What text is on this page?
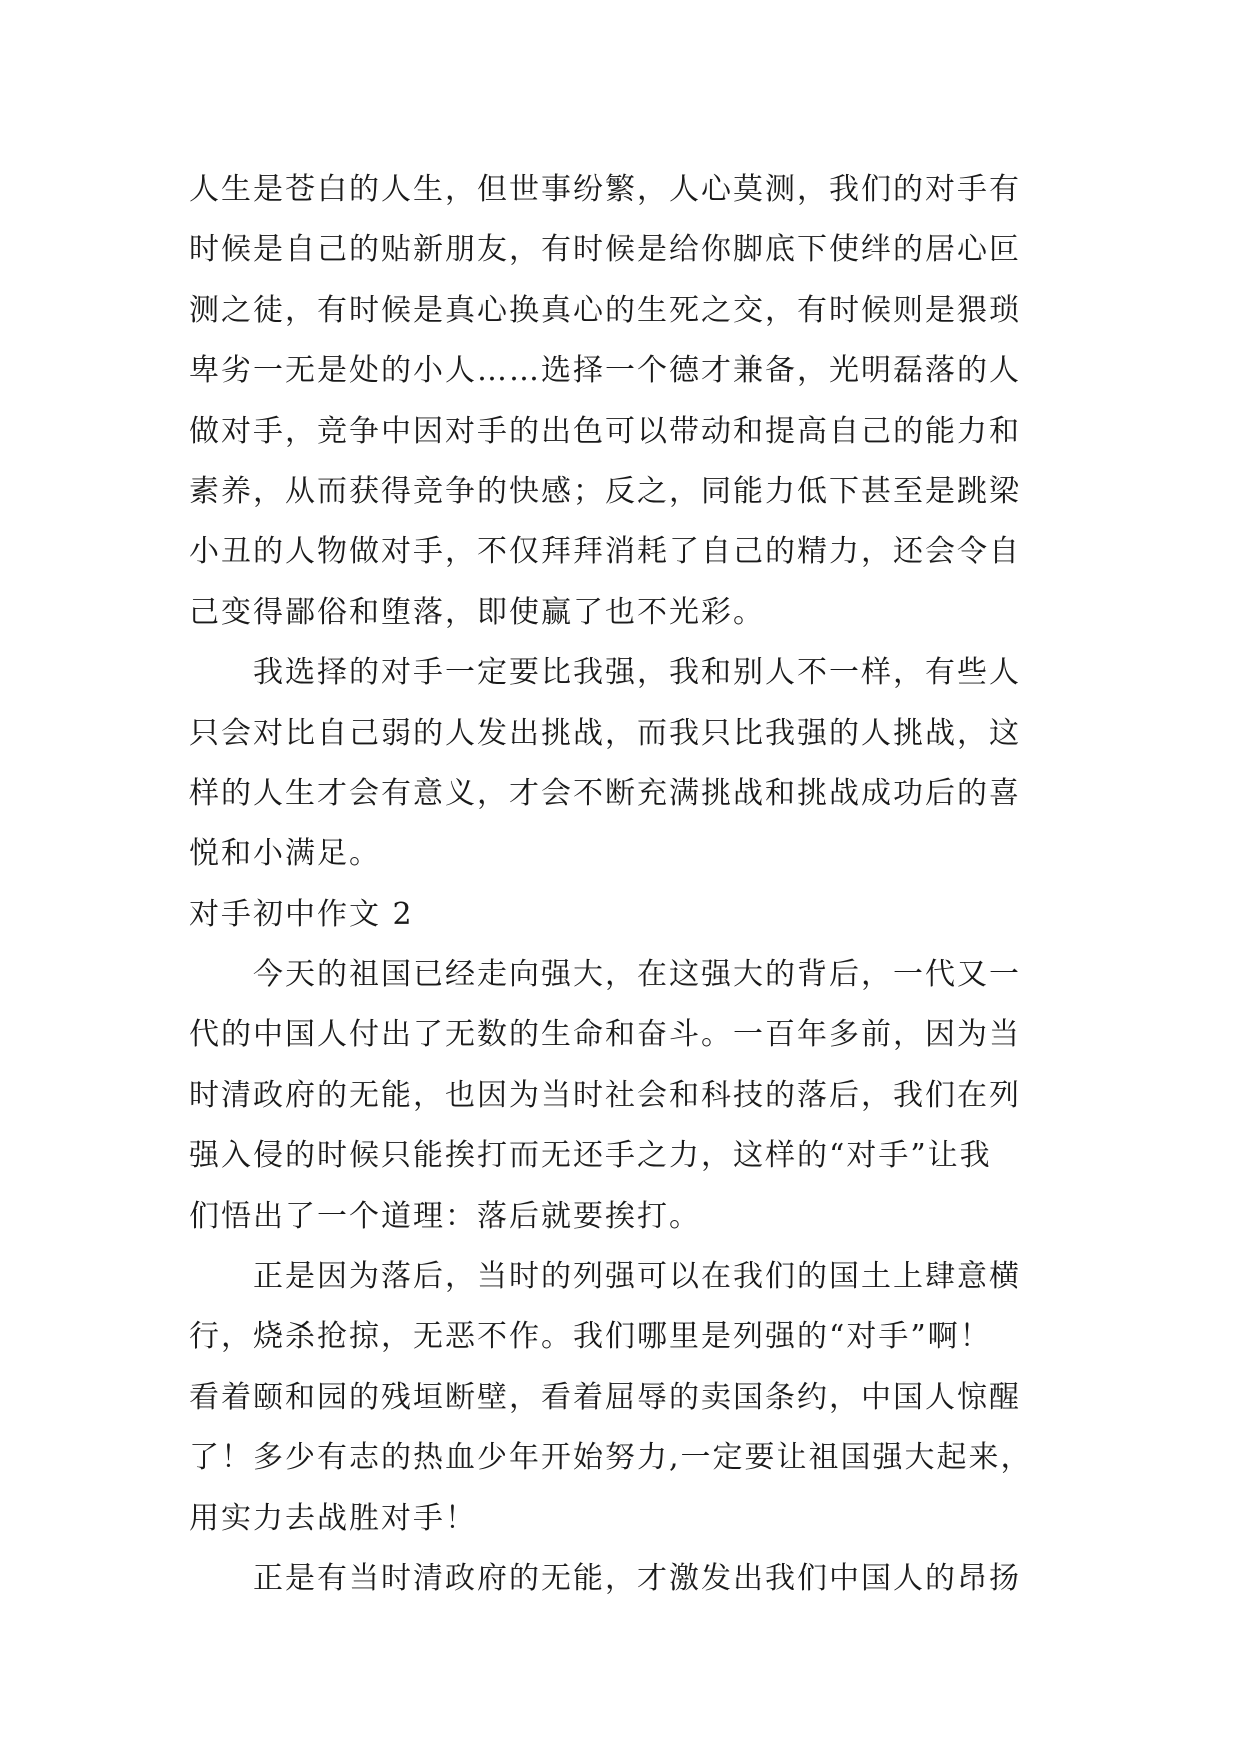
人生是苍白的人生，但世事纷繁，人心莫测，我们的对手有
时候是自己的贴新朋友，有时候是给你脚底下使绊的居心叵
测之徒，有时候是真心换真心的生死之交，有时候则是猥琐
卑劣一无是处的小人……选择一个德才兼备，光明磊落的人
做对手，竞争中因对手的出色可以带动和提高自己的能力和
素养，从而获得竞争的快感；反之，同能力低下甚至是跳梁
小丑的人物做对手，不仅拜拜消耗了自己的精力，还会令自
己变得鄙俗和堕落，即使赢了也不光彩。
我选择的对手一定要比我强，我和别人不一样，有些人
只会对比自己弱的人发出挑战，而我只比我强的人挑战，这
样的人生才会有意义，才会不断充满挑战和挑战成功后的喜
悦和小满足。
对手初中作文 2
今天的祖国已经走向强大，在这强大的背后，一代又一
代的中国人付出了无数的生命和奋斗。一百年多前，因为当
时清政府的无能，也因为当时社会和科技的落后，我们在列
强入侵的时候只能挨打而无还手之力，这样的“对手”让我
们悟出了一个道理：落后就要挨打。
正是因为落后，当时的列强可以在我们的国土上肆意横
行，烧杀抢掠，无恶不作。我们哪里是列强的“对手”啊！
看着颐和园的残垣断壁，看着屈辱的卖国条约，中国人惊醒
了！多少有志的热血少年开始努力,一定要让祖国强大起来，
用实力去战胜对手！
正是有当时清政府的无能，才激发出我们中国人的昂扬
